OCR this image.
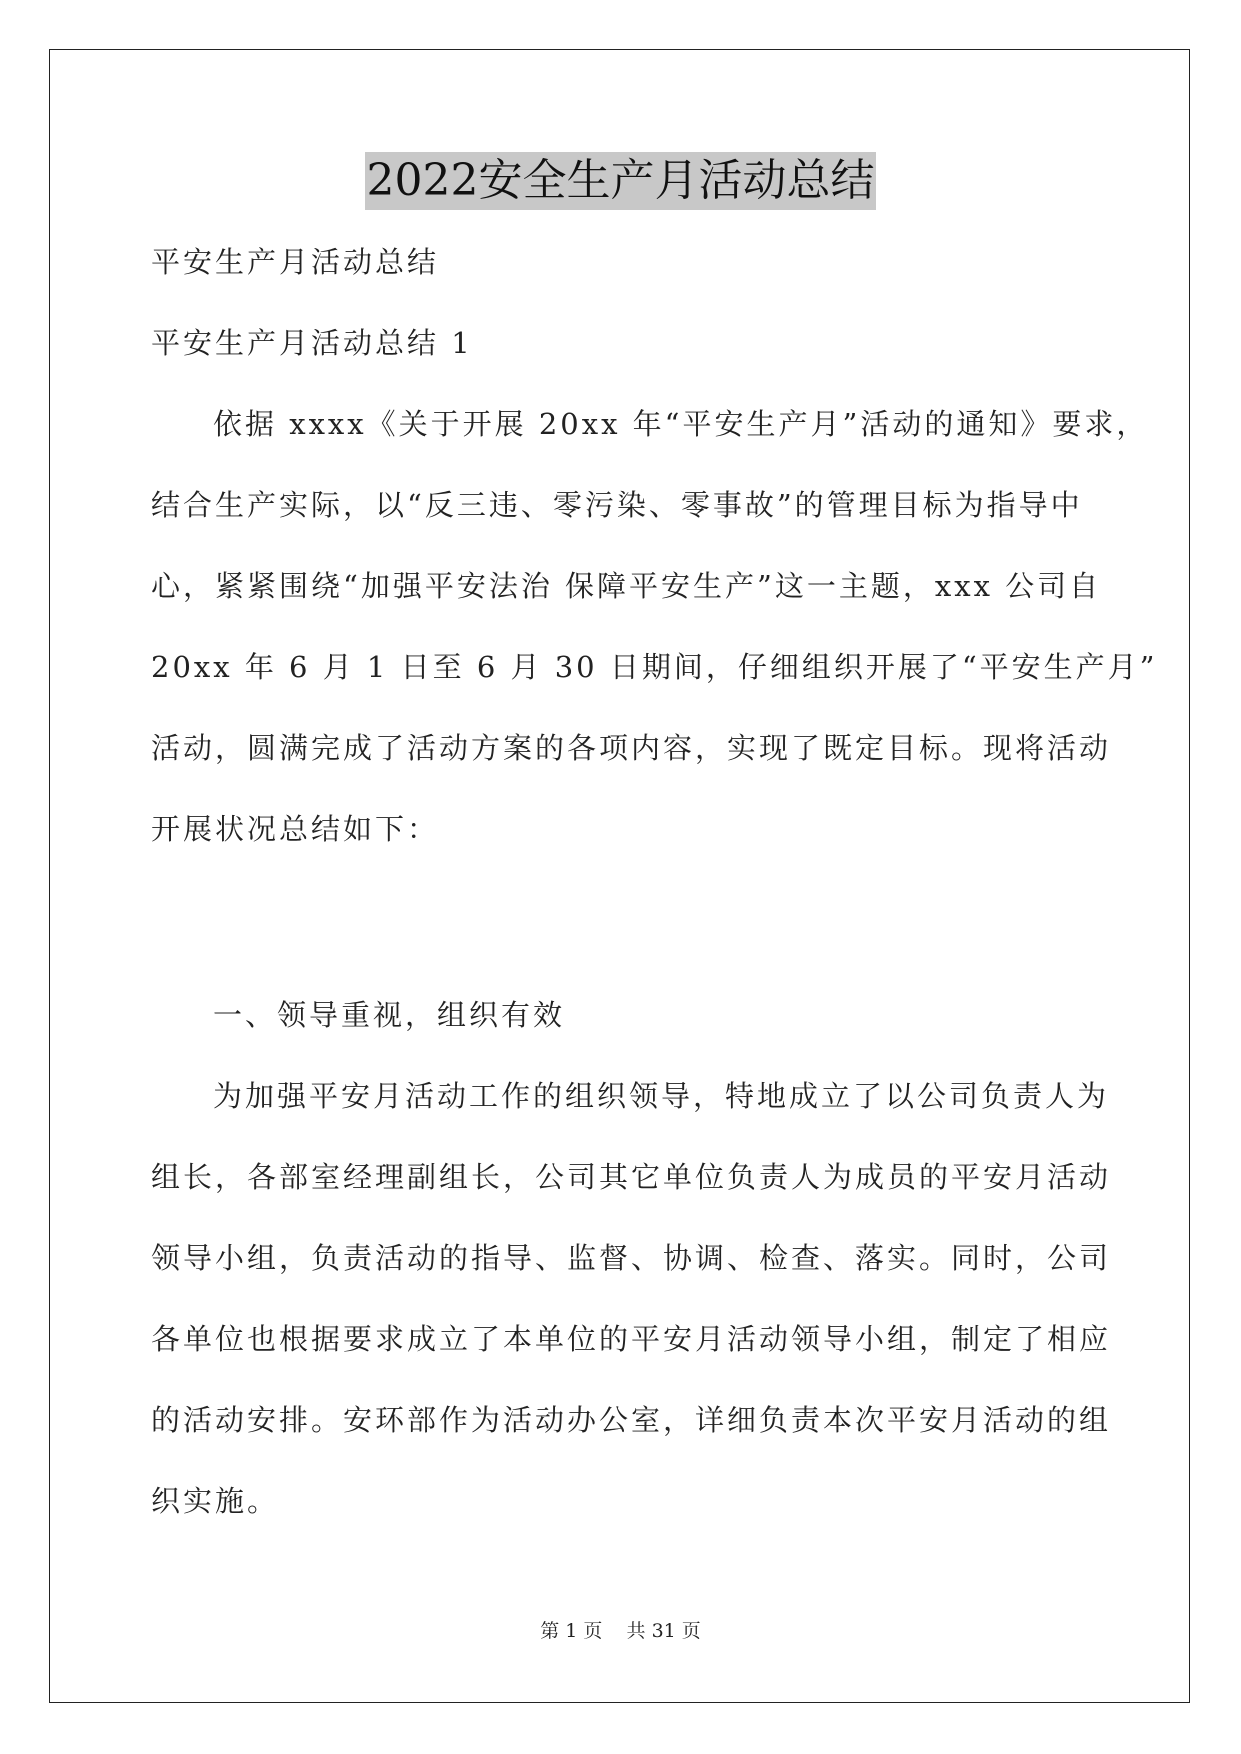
2022安全生产月活动总结
平安生产月活动总结
平安生产月活动总结 1
依据 xxxx《关于开展 20xx 年“平安生产月”活动的通知》要求，
结合生产实际，以“反三违、零污染、零事故”的管理目标为指导中
心，紧紧围绕“加强平安法治 保障平安生产”这一主题，xxx 公司自
20xx 年 6 月 1 日至 6 月 30 日期间，仔细组织开展了“平安生产月”
活动，圆满完成了活动方案的各项内容，实现了既定目标。现将活动
开展状况总结如下：
一、领导重视，组织有效
为加强平安月活动工作的组织领导，特地成立了以公司负责人为
组长，各部室经理副组长，公司其它单位负责人为成员的平安月活动
领导小组，负责活动的指导、监督、协调、检查、落实。同时，公司
各单位也根据要求成立了本单位的平安月活动领导小组，制定了相应
的活动安排。安环部作为活动办公室，详细负责本次平安月活动的组
织实施。
第 1 页    共 31 页
